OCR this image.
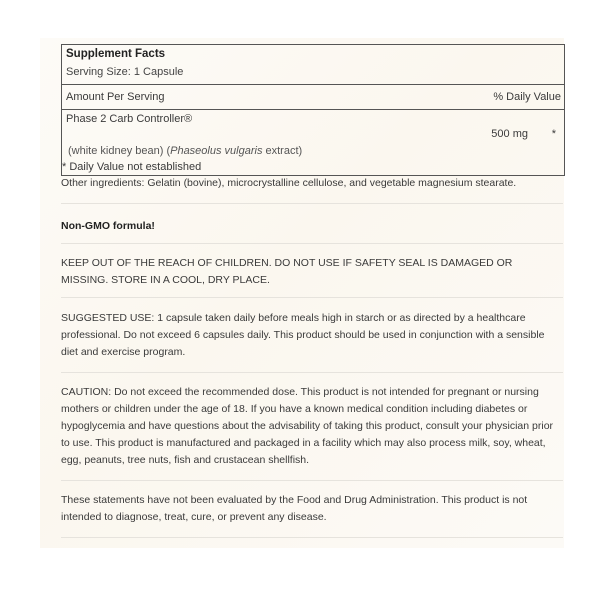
Supplement Facts
Serving Size: 1 Capsule
Amount Per Serving	% Daily Value
Phase 2 Carb Controller®
500 mg *
(white kidney bean) (Phaseolus vulgaris extract)
* Daily Value not established
Other ingredients: Gelatin (bovine), microcrystalline cellulose, and vegetable magnesium stearate.
Non-GMO formula!
KEEP OUT OF THE REACH OF CHILDREN. DO NOT USE IF SAFETY SEAL IS DAMAGED OR MISSING. STORE IN A COOL, DRY PLACE.
SUGGESTED USE: 1 capsule taken daily before meals high in starch or as directed by a healthcare professional. Do not exceed 6 capsules daily. This product should be used in conjunction with a sensible diet and exercise program.
CAUTION: Do not exceed the recommended dose. This product is not intended for pregnant or nursing mothers or children under the age of 18. If you have a known medical condition including diabetes or hypoglycemia and have questions about the advisability of taking this product, consult your physician prior to use. This product is manufactured and packaged in a facility which may also process milk, soy, wheat, egg, peanuts, tree nuts, fish and crustacean shellfish.
These statements have not been evaluated by the Food and Drug Administration. This product is not intended to diagnose, treat, cure, or prevent any disease.
